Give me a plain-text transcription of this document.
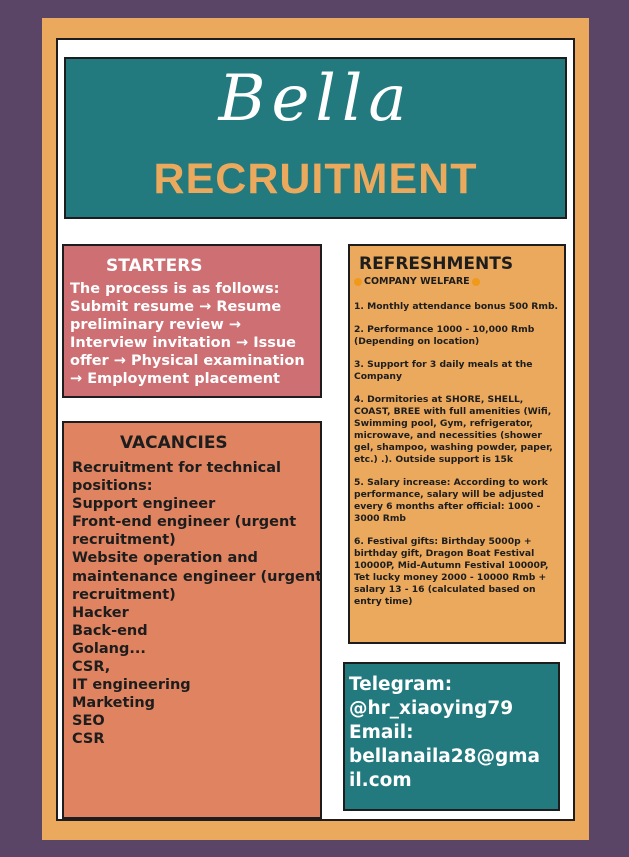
Bella
RECRUITMENT
STARTERS

The process is as follows: Submit resume → Resume preliminary review → Interview invitation → Issue offer → Physical examination → Employment placement

VACANCIES
Recruitment for technical
positions:
Support engineer
Front-end engineer (urgent
recruitment)
Website operation and
maintenance engineer (urgent
recruitment)
Hacker
Back-end
Golang...
CSR,
IT engineering
Marketing
SEO
CSR
REFRESHMENTS
COMPANY WELFARE

1. Monthly attendance bonus 500 Rmb.

2. Performance 1000 - 10,000 Rmb (Depending on location)

3. Support for 3 daily meals at the Company

4. Dormitories at SHORE, SHELL, COAST, BREE with full amenities (Wifi, Swimming pool, Gym, refrigerator, microwave, and necessities (shower gel, shampoo, washing powder, paper, etc.) .). Outside support is 15k

5. Salary increase: According to work performance, salary will be adjusted every 6 months after official: 1000 - 3000 Rmb

6. Festival gifts: Birthday 5000p + birthday gift, Dragon Boat Festival 10000P, Mid-Autumn Festival 10000P, Tet lucky money 2000 - 10000 Rmb + salary 13 - 16 (calculated based on entry time)

Telegram:
@hr_xiaoying79
Email:
bellanaila28@gma
il.com
